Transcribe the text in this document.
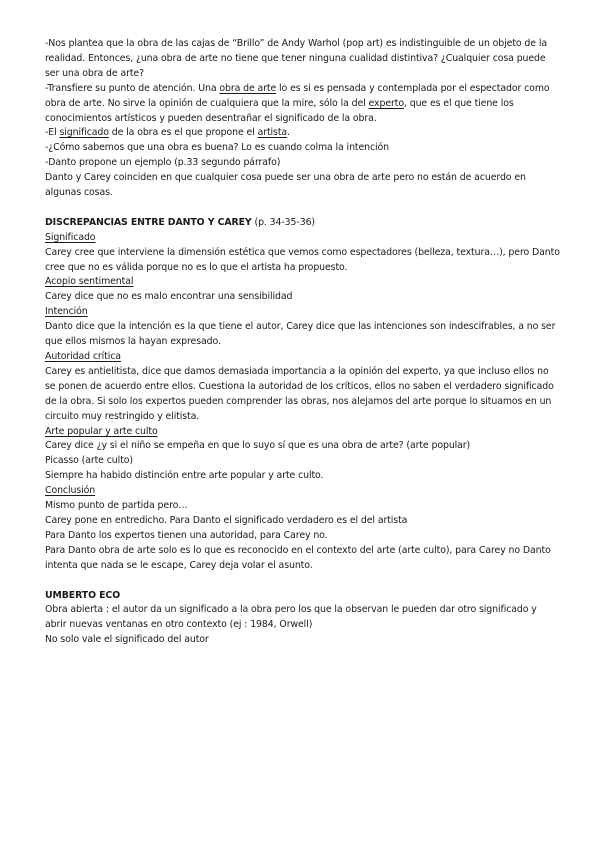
-Nos plantea que la obra de las cajas de “Brillo” de Andy Warhol (pop art) es indistinguible de un objeto de la realidad. Entonces, ¿una obra de arte no tiene que tener ninguna cualidad distintiva? ¿Cualquier cosa puede ser una obra de arte?

-Transfiere su punto de atención. Una obra de arte lo es si es pensada y contemplada por el espectador como obra de arte. No sirve la opinión de cualquiera que la mire, sólo la del experto, que es el que tiene los conocimientos artísticos y pueden desentrañar el significado de la obra.

-El significado de la obra es el que propone el artista.

-¿Cómo sabemos que una obra es buena? Lo es cuando colma la intención

-Danto propone un ejemplo (p.33 segundo párrafo)

Danto y Carey coinciden en que cualquier cosa puede ser una obra de arte pero no están de acuerdo en algunas cosas.

DISCREPANCIAS ENTRE DANTO Y CAREY (p. 34-35-36)

Significado

Carey cree que interviene la dimensión estética que vemos como espectadores (belleza, textura…), pero Danto cree que no es válida porque no es lo que el artista ha propuesto.

Acopio sentimental

Carey dice que no es malo encontrar una sensibilidad

Intención

Danto dice que la intención es la que tiene el autor, Carey dice que las intenciones son indescifrables, a no ser que ellos mismos la hayan expresado.

Autoridad crítica

Carey es antielitista, dice que damos demasiada importancia a la opinión del experto, ya que incluso ellos no se ponen de acuerdo entre ellos. Cuestiona la autoridad de los críticos, ellos no saben el verdadero significado de la obra. Si solo los expertos pueden comprender las obras, nos alejamos del arte porque lo situamos en un circuito muy restringido y elitista.

Arte popular y arte culto

Carey dice ¿y si el niño se empeña en que lo suyo sí que es una obra de arte? (arte popular)

Picasso (arte culto)

Siempre ha habido distinción entre arte popular y arte culto.

Conclusión

Mismo punto de partida pero…

Carey pone en entredicho. Para Danto el significado verdadero es el del artista

Para Danto los expertos tienen una autoridad, para Carey no.

Para Danto obra de arte solo es lo que es reconocido en el contexto del arte (arte culto), para Carey no Danto intenta que nada se le escape, Carey deja volar el asunto.

UMBERTO ECO

Obra abierta : el autor da un significado a la obra pero los que la observan le pueden dar otro significado y abrir nuevas ventanas en otro contexto (ej : 1984, Orwell)

No solo vale el significado del autor
